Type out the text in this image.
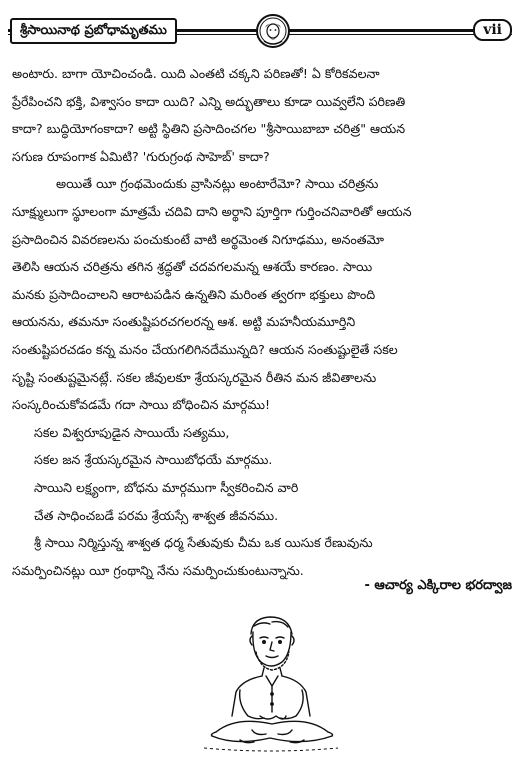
శ్రీసాయినాథ ప్రబోధామృతము	vii
అంటారు. బాగా యోచించండి. యిది ఎంతటి చక్కని పరిణతో! ఏ కోరికవలనా
ప్రేరేపించని భక్తి, విశ్వాసం కాదా యిది? ఎన్ని అద్భుతాలు కూడా యివ్వలేని పరిణతి
కాదా? బుద్ధియోగంకాదా? అట్టి స్థితిని ప్రసాదించగల "శ్రీసాయిబాబా చరిత్ర" ఆయన
సగుణ రూపంగాక ఏమిటి? 'గురుగ్రంథ సాహెబ్' కాదా?
అయితే యీ గ్రంథమెందుకు వ్రాసినట్లు అంటారేమో? సాయి చరిత్రను
సూక్ష్ములుగా స్థూలంగా మాత్రమే చదివి దాని అర్థాని పూర్తిగా గుర్తించనివారితో ఆయన
ప్రసాదించిన వివరణలను పంచుకుంటే వాటి అర్థమెంత నిగూఢము, అనంతమో
తెలిసి ఆయన చరిత్రను తగిన శ్రద్ధతో చదవగలమన్న ఆశయే కారణం. సాయి
మనకు ప్రసాదించాలని ఆరాటపడిన ఉన్నతిని మరింత త్వరగా భక్తులు పొంది
ఆయనను, తమనూ సంతుష్టిపరచగలరన్న ఆశ. అట్టి మహనీయమూర్తిని
సంతుష్టిపరచడం కన్న మనం చేయగలిగినదేమున్నది? ఆయన సంతుష్టులైతే సకల
సృష్టి సంతుష్టమైనట్లే. సకల జీవులకూ శ్రేయస్కరమైన రీతిన మన జీవితాలను
సంస్కరించుకోవడమే గదా సాయి బోధించిన మార్గము!
సకల విశ్వరూపుడైన సాయియే సత్యము,
సకల జన శ్రేయస్కరమైన సాయిబోధయే మార్గము.
సాయిని లక్ష్యంగా, బోధను మార్గముగా స్వీకరించిన వారి
చేత సాధించబడే పరమ శ్రేయస్సే శాశ్వత జీవనము.
శ్రీ సాయి నిర్మిస్తున్న శాశ్వత ధర్మ సేతువుకు చీమ ఒక యిసుక రేణువును
సమర్పించినట్లు యీ గ్రంథాన్ని నేను సమర్పించుకుంటున్నాను.
- ఆచార్య ఎక్కిరాల భరద్వాజ
